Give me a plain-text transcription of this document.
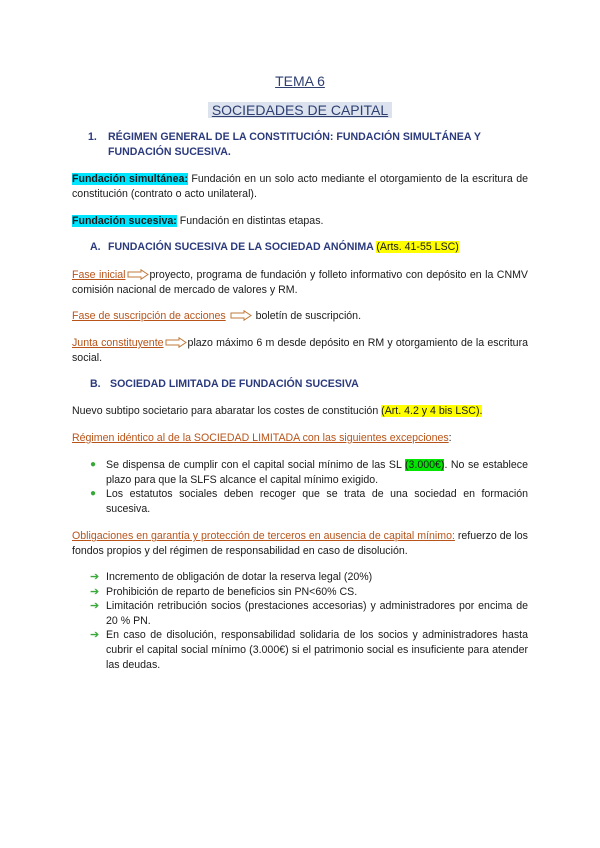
TEMA 6
SOCIEDADES DE CAPITAL
1.	RÉGIMEN GENERAL DE LA CONSTITUCIÓN: FUNDACIÓN SIMULTÁNEA Y FUNDACIÓN SUCESIVA.

Fundación simultánea: Fundación en un solo acto mediante el otorgamiento de la escritura de constitución (contrato o acto unilateral).

Fundación sucesiva: Fundación en distintas etapas.

A. FUNDACIÓN SUCESIVA DE LA SOCIEDAD ANÓNIMA (Arts. 41-55 LSC)

Fase inicial proyecto, programa de fundación y folleto informativo con depósito en la CNMV comisión nacional de mercado de valores y RM.

Fase de suscripción de acciones	boletín de suscripción.

Junta constituyente plazo máximo 6 m desde depósito en RM y otorgamiento de la escritura social.

B. SOCIEDAD LIMITADA DE FUNDACIÓN SUCESIVA

Nuevo subtipo societario para abaratar los costes de constitución (Art. 4.2 y 4 bis LSC).

Régimen idéntico al de la SOCIEDAD LIMITADA con las siguientes excepciones:

● Se dispensa de cumplir con el capital social mínimo de las SL (3.000€). No se establece plazo para que la SLFS alcance el capital mínimo exigido.
● Los estatutos sociales deben recoger que se trata de una sociedad en formación sucesiva.

Obligaciones en garantía y protección de terceros en ausencia de capital mínimo: refuerzo de los fondos propios y del régimen de responsabilidad en caso de disolución.

➔ Incremento de obligación de dotar la reserva legal (20%)
➔ Prohibición de reparto de beneficios sin PN<60% CS.
➔ Limitación retribución socios (prestaciones accesorias) y administradores por encima de 20 % PN.
➔ En caso de disolución, responsabilidad solidaria de los socios y administradores hasta cubrir el capital social mínimo (3.000€) si el patrimonio social es insuficiente para atender las deudas.
